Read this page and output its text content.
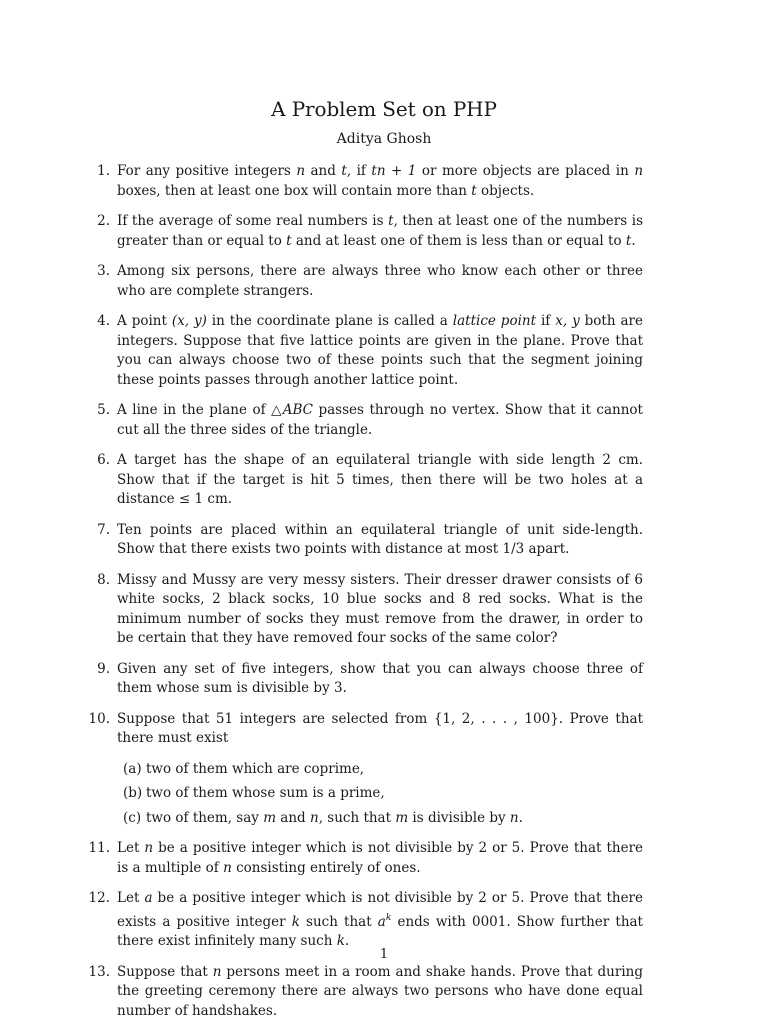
A Problem Set on PHP
Aditya Ghosh
1. For any positive integers n and t, if tn + 1 or more objects are placed in n boxes, then at least one box will contain more than t objects.
2. If the average of some real numbers is t, then at least one of the numbers is greater than or equal to t and at least one of them is less than or equal to t.
3. Among six persons, there are always three who know each other or three who are complete strangers.
4. A point (x, y) in the coordinate plane is called a lattice point if x, y both are integers. Suppose that five lattice points are given in the plane. Prove that you can always choose two of these points such that the segment joining these points passes through another lattice point.
5. A line in the plane of △ABC passes through no vertex. Show that it cannot cut all the three sides of the triangle.
6. A target has the shape of an equilateral triangle with side length 2 cm. Show that if the target is hit 5 times, then there will be two holes at a distance ≤ 1 cm.
7. Ten points are placed within an equilateral triangle of unit side-length. Show that there exists two points with distance at most 1/3 apart.
8. Missy and Mussy are very messy sisters. Their dresser drawer consists of 6 white socks, 2 black socks, 10 blue socks and 8 red socks. What is the minimum number of socks they must remove from the drawer, in order to be certain that they have removed four socks of the same color?
9. Given any set of five integers, show that you can always choose three of them whose sum is divisible by 3.
10. Suppose that 51 integers are selected from {1, 2, . . . , 100}. Prove that there must exist
(a) two of them which are coprime,
(b) two of them whose sum is a prime,
(c) two of them, say m and n, such that m is divisible by n.
11. Let n be a positive integer which is not divisible by 2 or 5. Prove that there is a multiple of n consisting entirely of ones.
12. Let a be a positive integer which is not divisible by 2 or 5. Prove that there exists a positive integer k such that $a^k$ ends with 0001. Show further that there exist infinitely many such k.
13. Suppose that n persons meet in a room and shake hands. Prove that during the greeting ceremony there are always two persons who have done equal number of handshakes.
1
